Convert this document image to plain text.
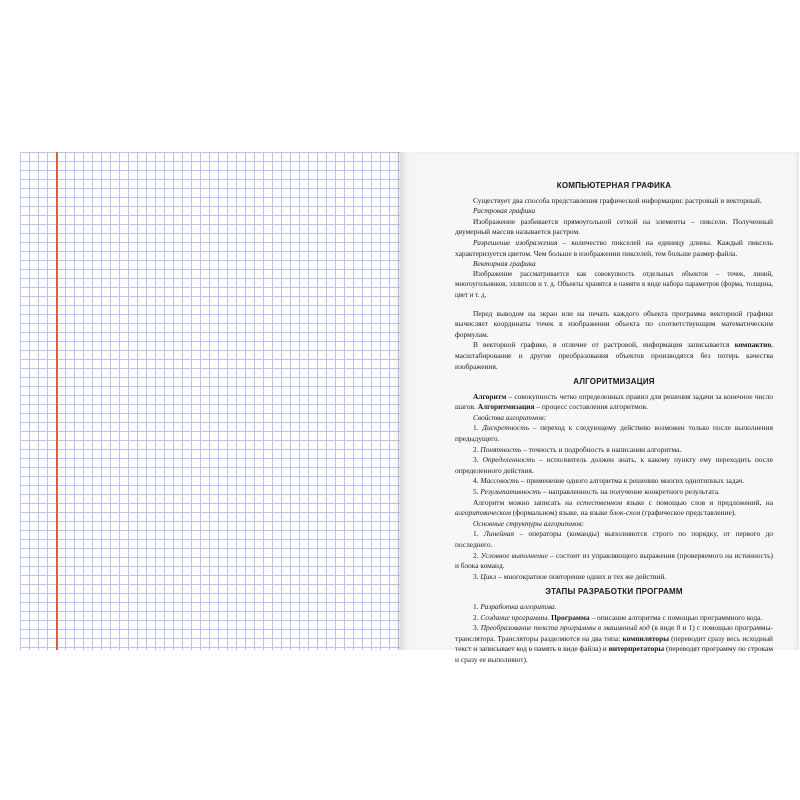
КОМПЬЮТЕРНАЯ ГРАФИКА
Существует два способа представления графической информации: растровый и векторный.
Растровая графика
Изображение разбивается прямоугольной сеткой на элементы – пиксели. Полученный двумерный массив называется растром.
Разрешение изображения – количество пикселей на единицу длины. Каждый пиксель характеризуется цветом. Чем больше в изображении пикселей, тем больше размер файла.
Векторная графика
Изображение рассматривается как совокупность отдельных объектов – точек, линий, многоугольников, эллипсов и т. д. Объекты хранятся в памяти в виде набора параметров (форма, толщина, цвет и т. д.
Перед выводом на экран или на печать каждого объекта программа векторной графики вычисляет координаты точек в изображении объекта по соответствующим математическим формулам.
В векторной графике, в отличие от растровой, информация записывается компактно, масштабирование и другие преобразования объектов производятся без потерь качества изображения.
АЛГОРИТМИЗАЦИЯ
Алгоритм – совокупность четко определенных правил для решения задачи за конечное число шагов. Алгоритмизация – процесс составления алгоритмов.
Свойства алгоритмов:
1. Дискретность – переход к следующему действию возможен только после выполнения предыдущего.
2. Понятность – точность и подробность в написании алгоритма.
3. Определенность – исполнитель должен знать, к какому пункту ему переходить после определенного действия.
4. Массовость – применение одного алгоритма к решению многих однотипных задач.
5. Результативность – направленность на получение конкретного результата.
Алгоритм можно записать на естественном языке с помощью слов и предложений, на алгоритмическом (формальном) языке, на языке блок-схем (графическое представление).
Основные структуры алгоритмов:
1. Линейная – операторы (команды) выполняются строго по порядку, от первого до последнего.
2. Условное выполнение – состоит из управляющего выражения (проверяемого на истинность) и блока команд.
3. Цикл – многократное повторение одних и тех же действий.
ЭТАПЫ РАЗРАБОТКИ ПРОГРАММ
1. Разработка алгоритма.
2. Создание программы. Программа – описание алгоритма с помощью программного кода.
3. Преобразование текста программы в машинный код (в виде 0 и 1) с помощью программы-транслятора. Трансляторы разделяются на два типа: компиляторы (переводит сразу весь исходный текст и записывает код в память в виде файла) и интерпретаторы (переводят программу по строкам и сразу ее выполняют).
